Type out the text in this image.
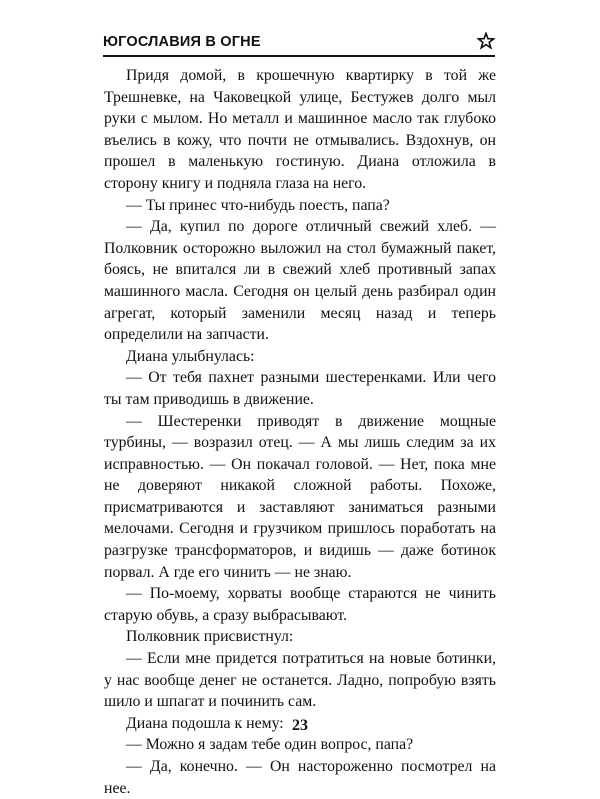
ЮГОСЛАВИЯ В ОГНЕ

Придя домой, в крошечную квартирку в той же Трешневке, на Чаковецкой улице, Бестужев долго мыл руки с мылом. Но металл и машинное масло так глубоко въелись в кожу, что почти не отмывались. Вздохнув, он прошел в маленькую гостиную. Диана отложила в сторону книгу и подняла глаза на него.

— Ты принес что-нибудь поесть, папа?

— Да, купил по дороге отличный свежий хлеб. — Полковник осторожно выложил на стол бумажный пакет, боясь, не впитался ли в свежий хлеб противный запах машинного масла. Сегодня он целый день разбирал один агрегат, который заменили месяц назад и теперь определили на запчасти.

Диана улыбнулась:

— От тебя пахнет разными шестеренками. Или чего ты там приводишь в движение.

— Шестеренки приводят в движение мощные турбины, — возразил отец. — А мы лишь следим за их исправностью. — Он покачал головой. — Нет, пока мне не доверяют никакой сложной работы. Похоже, присматриваются и заставляют заниматься разными мелочами. Сегодня и грузчиком пришлось поработать на разгрузке трансформаторов, и видишь — даже ботинок порвал. А где его чинить — не знаю.

— По-моему, хорваты вообще стараются не чинить старую обувь, а сразу выбрасывают.

Полковник присвистнул:

— Если мне придется потратиться на новые ботинки, у нас вообще денег не останется. Ладно, попробую взять шило и шпагат и починить сам.

Диана подошла к нему:

— Можно я задам тебе один вопрос, папа?

— Да, конечно. — Он настороженно посмотрел на нее.

23
